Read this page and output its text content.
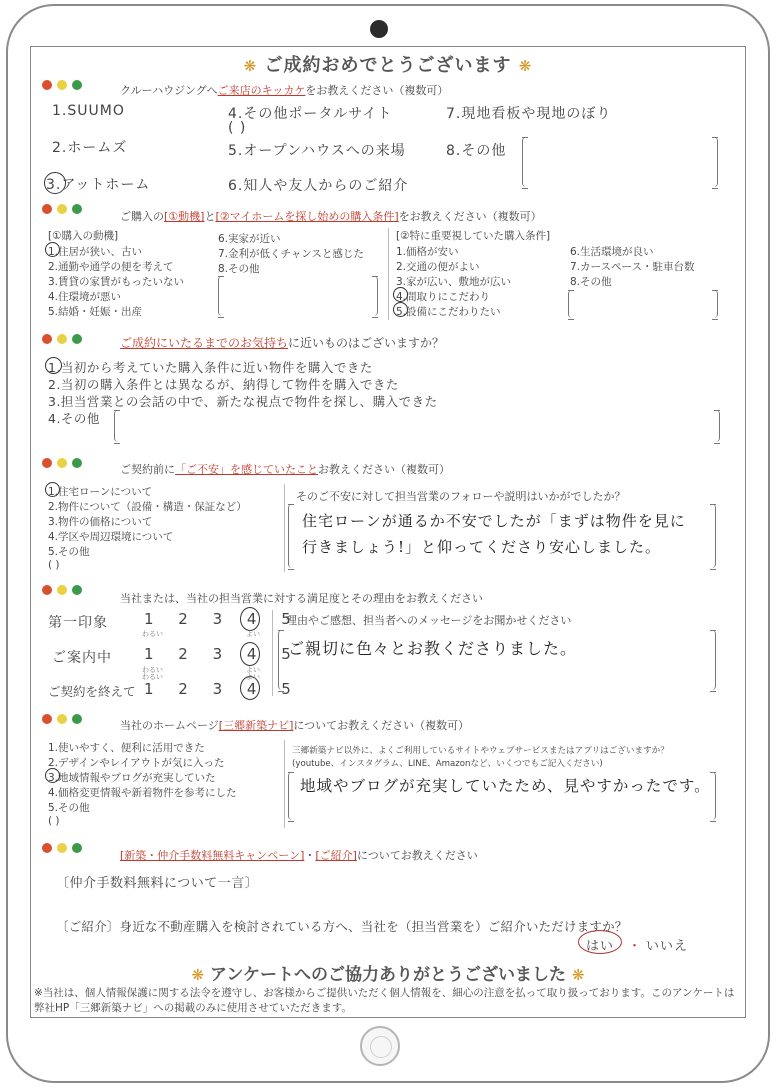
❋ ご成約おめでとうございます ❋
クルーハウジングへご来店のキッカケをお教えください（複数可）
1.SUUMO
2.ホームズ
3.アットホーム
4.その他ポータルサイト
( )
5.オープンハウスへの来場
6.知人や友人からのご紹介
7.現地看板や現地のぼり
8.その他
ご購入の[①動機]と[②マイホームを探し始めの購入条件]をお教えください（複数可）
[①購入の動機]
1.住居が狭い、古い
2.通勤や通学の便を考えて
3.賃貸の家賃がもったいない
4.住環境が悪い
5.結婚・妊娠・出産
6.実家が近い
7.金利が低くチャンスと感じた
8.その他
[②特に重要視していた購入条件]
1.価格が安い
2.交通の便がよい
3.家が広い、敷地が広い
4.間取りにこだわり
5.設備にこだわりたい
6.生活環境が良い
7.カースペース・駐車台数
8.その他
ご成約にいたるまでのお気持ちに近いものはございますか？
1.当初から考えていた購入条件に近い物件を購入できた
2.当初の購入条件とは異なるが、納得して物件を購入できた
3.担当営業との会話の中で、新たな視点で物件を探し、購入できた
4.その他
ご契約前に「ご不安」を感じていたことお教えください（複数可）
1.住宅ローンについて
2.物件について（設備・構造・保証など）
3.物件の価格について
4.学区や周辺環境について
5.その他
( )
そのご不安に対して担当営業のフォローや説明はいかがでしたか？
住宅ローンが通るか不安でしたが「まずは物件を見に
行きましょう!」と仰ってくださり安心しました。
当社または、当社の担当営業に対する満足度とその理由をお教えください
第一印象 1 2 3 4 5
わるい	よい
ご案内中 1 2 3 4 5
わるい	よい
ご契約を終えて 1 2 3 4 5
わるい	よい
理由やご感想、担当者へのメッセージをお聞かせください
ご親切に色々とお教くださりました。
当社のホームページ[三郷新築ナビ]についてお教えください（複数可）
1.使いやすく、便利に活用できた
2.デザインやレイアウトが気に入った
3.地域情報やブログが充実していた
4.価格変更情報や新着物件を参考にした
5.その他
( )
三郷新築ナビ以外に、よくご利用しているサイトやウェブサービスまたはアプリはございますか？
(youtube、インスタグラム、LINE、Amazonなど、いくつでもご記入ください)
地域やブログが充実していたため、見やすかったです。
[新築・仲介手数料無料キャンペーン]・[ご紹介]についてお教えください
〔仲介手数料無料について一言〕
〔ご紹介〕身近な不動産購入を検討されている方へ、当社を（担当営業を）ご紹介いただけますか？
はい ・ いいえ
❋ アンケートへのご協力ありがとうございました ❋
※当社は、個人情報保護に関する法令を遵守し、お客様からご提供いただく個人情報を、細心の注意を払って取り扱っております。このアンケートは弊社HP「三郷新築ナビ」への掲載のみに使用させていただきます。
